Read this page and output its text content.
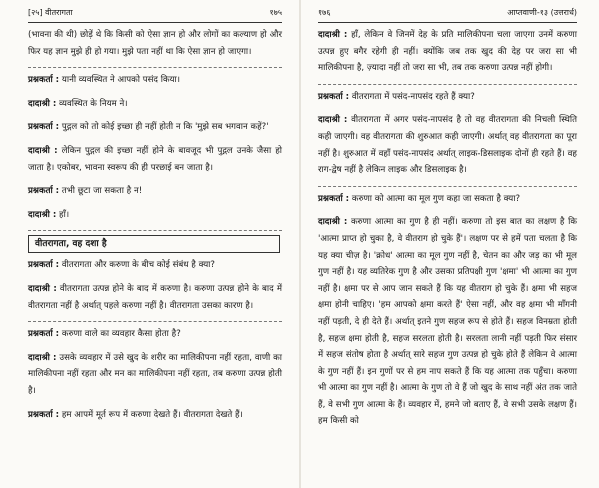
[२५] वीतरागता	१७५

(भावना की थी) छोड़ें थे कि किसी को ऐसा ज्ञान हो और लोगों का कल्याण हो और फिर यह ज्ञान मुझे ही हो गया। मुझे पता नहीं था कि ऐसा ज्ञान हो जाएगा।

प्रश्नकर्ता : यानी व्यवस्थित ने आपको पसंद किया।

दादाश्री : व्यवस्थित के नियम ने।

प्रश्नकर्ता : पुद्गल को तो कोई इच्छा ही नहीं होती न कि 'मुझे सब भगवान कहें?'

दादाश्री : लेकिन पुद्गल की इच्छा नहीं होने के बावजूद भी पुद्गल उनके जैसा हो जाता है। एकोबर, भावना स्वरूप की ही परछाई बन जाता है।

प्रश्नकर्ता : तभी छूटा जा सकता है न!

दादाश्री : हाँ।

वीतरागता, वह दशा है

प्रश्नकर्ता : वीतरागता और करुणा के बीच कोई संबंध है क्या?

दादाश्री : वीतरागता उत्पन्न होने के बाद में करुणा है। करुणा उत्पन्न होने के बाद में वीतरागता नहीं है अर्थात् पहले करुणा नहीं है। वीतरागता उसका कारण है।

प्रश्नकर्ता : करुणा वाले का व्यवहार कैसा होता है?

दादाश्री : उसके व्यवहार में उसे खुद के शरीर का मालिकीपना नहीं रहता, वाणी का मालिकीपना नहीं रहता और मन का मालिकीपना नहीं रहता, तब करुणा उत्पन्न होती है।

प्रश्नकर्ता : हम आपमें मूर्त रूप में करुणा देखते हैं। वीतरागता देखते हैं।

१७६	आप्तवाणी-१३ (उत्तरार्ध)

दादाश्री : हाँ, लेकिन वे जिनमें देह के प्रति मालिकीपना चला जाएगा उनमें करुणा उत्पन्न हुए बगैर रहेगी ही नहीं। क्योंकि जब तक खुद की देह पर जरा सा भी मालिकीपना है, ज़्यादा नहीं तो जरा सा भी, तब तक करुणा उत्पन्न नहीं होगी।

प्रश्नकर्ता : वीतरागता में पसंद-नापसंद रहते हैं क्या?

दादाश्री : वीतरागता में अगर पसंद-नापसंद है तो वह वीतरागता की निचली स्थिति कही जाएगी। वह वीतरागता की शुरुआत कही जाएगी। अर्थात् वह वीतरागता का पूरा नहीं है। शुरुआत में वहाँ पसंद-नापसंद अर्थात् लाइक-डिसलाइक दोनों ही रहते हैं। वह राग-द्वेष नहीं है लेकिन लाइक और डिसलाइक है।

प्रश्नकर्ता : करुणा को आत्मा का मूल गुण कहा जा सकता है क्या?

दादाश्री : करुणा आत्मा का गुण है ही नहीं। करुणा तो इस बात का लक्षण है कि 'आत्मा प्राप्त हो चुका है, वे वीतराग हो चुके हैं'। लक्षण पर से हमें पता चलता है कि यह क्या चीज़ है। 'क्रोध' आत्मा का मूल गुण नहीं है, चेतन का और जड़ का भी मूल गुण नहीं है। यह व्यतिरेक गुण है और उसका प्रतिपक्षी गुण 'क्षमा' भी आत्मा का गुण नहीं है। क्षमा पर से आप जान सकते हैं कि यह वीतराग हो चुके हैं। क्षमा भी सहज क्षमा होनी चाहिए। 'हम आपको क्षमा करते हैं' ऐसा नहीं, और वह क्षमा भी माँगनी नहीं पड़ती, दे ही देते हैं। अर्थात् इतने गुण सहज रूप से होते हैं। सहज विनम्रता होती है, सहज क्षमा होती है, सहज सरलता होती है। सरलता लानी नहीं पड़ती फिर संसार में सहज संतोष होता है अर्थात् सारे सहज गुण उत्पन्न हो चुके होते हैं लेकिन वे आत्मा के गुण नहीं हैं। इन गुणों पर से हम नाप सकते हैं कि यह आत्मा तक पहुँचा। करुणा भी आत्मा का गुण नहीं है। आत्मा के गुण तो वे हैं जो खुद के साथ नहीं अंत तक जाते हैं, वे सभी गुण आत्मा के हैं। व्यवहार में, हमने जो बताए हैं, वे सभी उसके लक्षण हैं। हम किसी को
